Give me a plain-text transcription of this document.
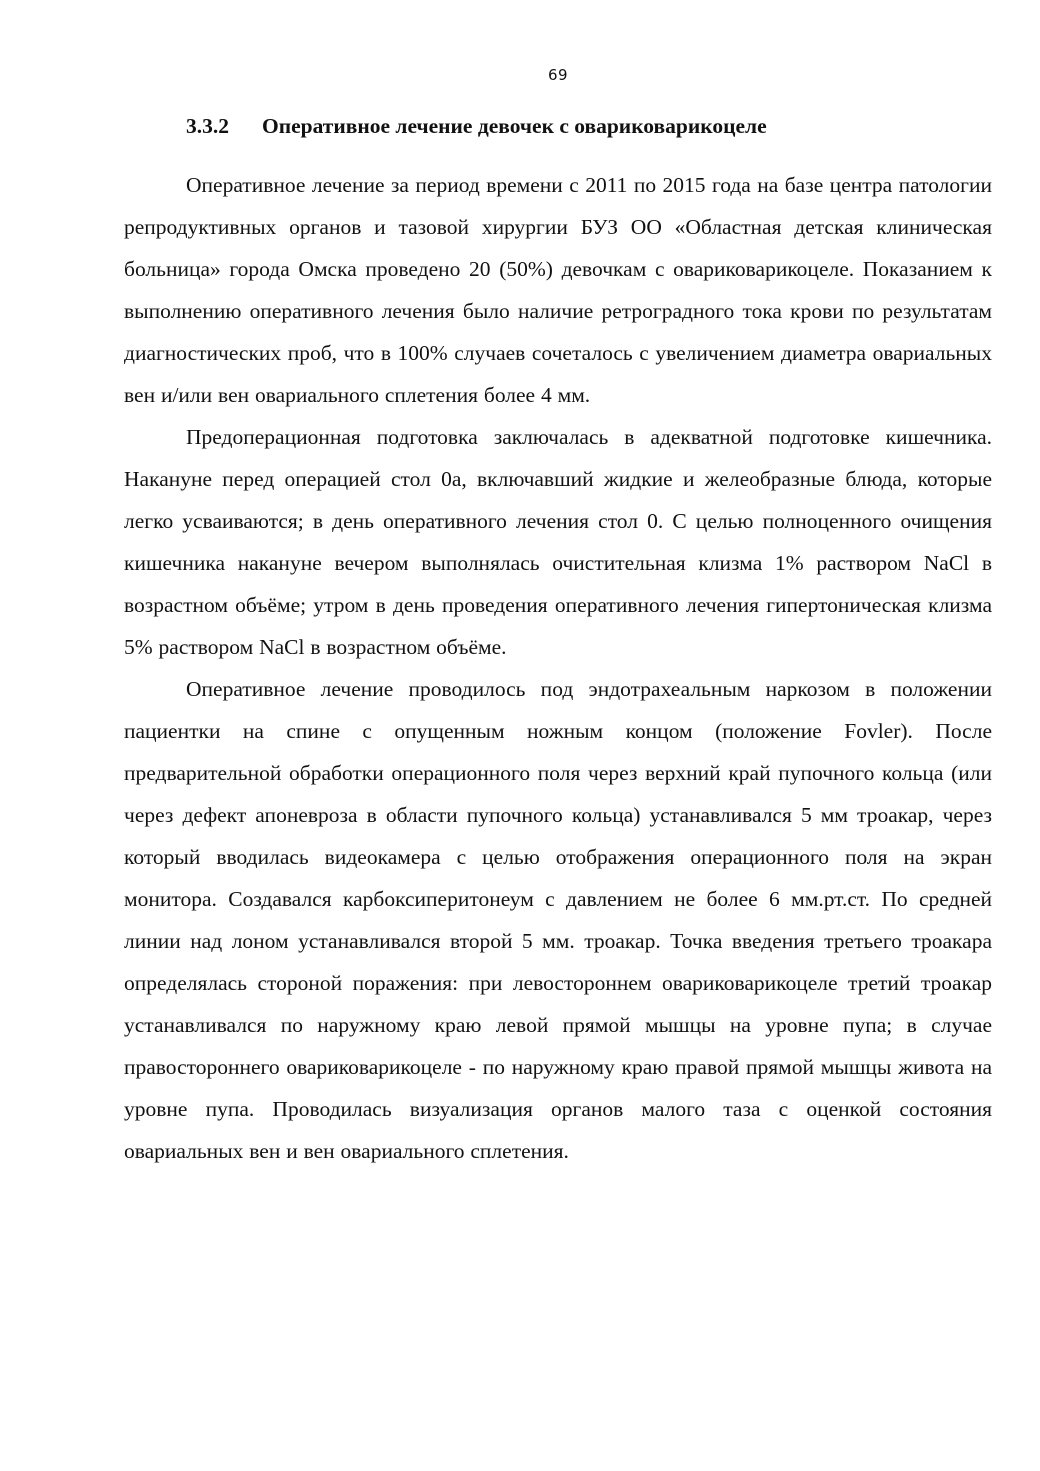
69
3.3.2 Оперативное лечение девочек с овариковарикоцеле

Оперативное лечение за период времени с 2011 по 2015 года на базе центра патологии репродуктивных органов и тазовой хирургии БУЗ ОО «Областная детская клиническая больница» города Омска проведено 20 (50%) девочкам с овариковарикоцеле. Показанием к выполнению оперативного лечения было наличие ретроградного тока крови по результатам диагностических проб, что в 100% случаев сочеталось с увеличением диаметра овариальных вен и/или вен овариального сплетения более 4 мм.

Предоперационная подготовка заключалась в адекватной подготовке кишечника. Накануне перед операцией стол 0а, включавший жидкие и желеобразные блюда, которые легко усваиваются; в день оперативного лечения стол 0. С целью полноценного очищения кишечника накануне вечером выполнялась очистительная клизма 1% раствором NaCl в возрастном объёме; утром в день проведения оперативного лечения гипертоническая клизма 5% раствором NaCl в возрастном объёме.

Оперативное лечение проводилось под эндотрахеальным наркозом в положении пациентки на спине с опущенным ножным концом (положение Fovler). После предварительной обработки операционного поля через верхний край пупочного кольца (или через дефект апоневроза в области пупочного кольца) устанавливался 5 мм троакар, через который вводилась видеокамера с целью отображения операционного поля на экран монитора. Создавался карбоксиперитонеум с давлением не более 6 мм.рт.ст. По средней линии над лоном устанавливался второй 5 мм. троакар. Точка введения третьего троакара определялась стороной поражения: при левостороннем овариковарикоцеле третий троакар устанавливался по наружному краю левой прямой мышцы на уровне пупа; в случае правостороннего овариковарикоцеле - по наружному краю правой прямой мышцы живота на уровне пупа. Проводилась визуализация органов малого таза с оценкой состояния овариальных вен и вен овариального сплетения.
